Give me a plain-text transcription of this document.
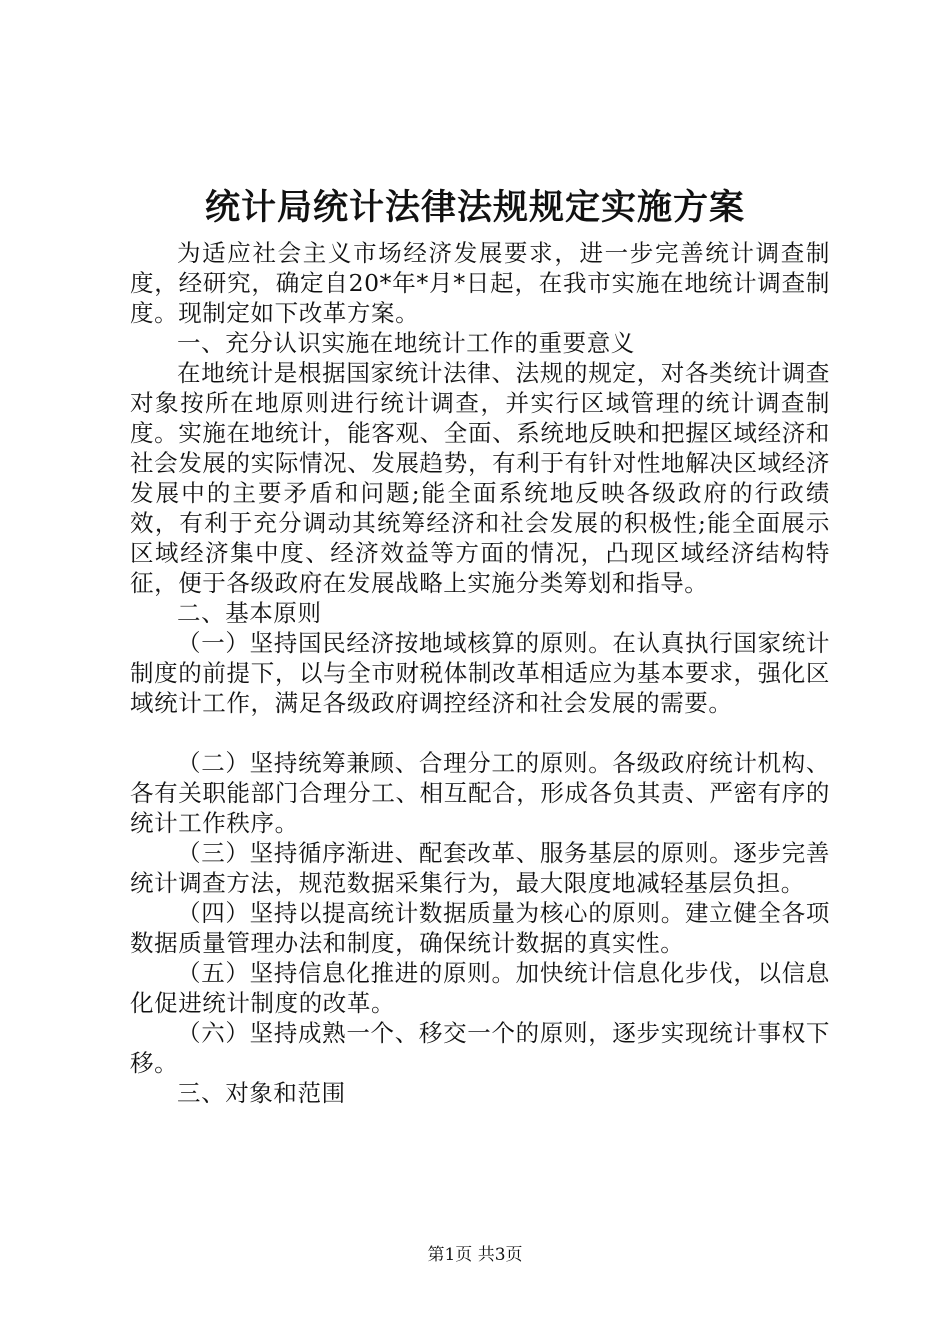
统计局统计法律法规规定实施方案

为适应社会主义市场经济发展要求，进一步完善统计调查制度，经研究，确定自20*年*月*日起，在我市实施在地统计调查制度。现制定如下改革方案。

一、充分认识实施在地统计工作的重要意义

在地统计是根据国家统计法律、法规的规定，对各类统计调查对象按所在地原则进行统计调查，并实行区域管理的统计调查制度。实施在地统计，能客观、全面、系统地反映和把握区域经济和社会发展的实际情况、发展趋势，有利于有针对性地解决区域经济发展中的主要矛盾和问题;能全面系统地反映各级政府的行政绩效，有利于充分调动其统筹经济和社会发展的积极性;能全面展示区域经济集中度、经济效益等方面的情况，凸现区域经济结构特征，便于各级政府在发展战略上实施分类筹划和指导。

二、基本原则

（一）坚持国民经济按地域核算的原则。在认真执行国家统计制度的前提下，以与全市财税体制改革相适应为基本要求，强化区域统计工作，满足各级政府调控经济和社会发展的需要。

（二）坚持统筹兼顾、合理分工的原则。各级政府统计机构、各有关职能部门合理分工、相互配合，形成各负其责、严密有序的统计工作秩序。

（三）坚持循序渐进、配套改革、服务基层的原则。逐步完善统计调查方法，规范数据采集行为，最大限度地减轻基层负担。

（四）坚持以提高统计数据质量为核心的原则。建立健全各项数据质量管理办法和制度，确保统计数据的真实性。

（五）坚持信息化推进的原则。加快统计信息化步伐，以信息化促进统计制度的改革。

（六）坚持成熟一个、移交一个的原则，逐步实现统计事权下移。

三、对象和范围

第1页 共3页
